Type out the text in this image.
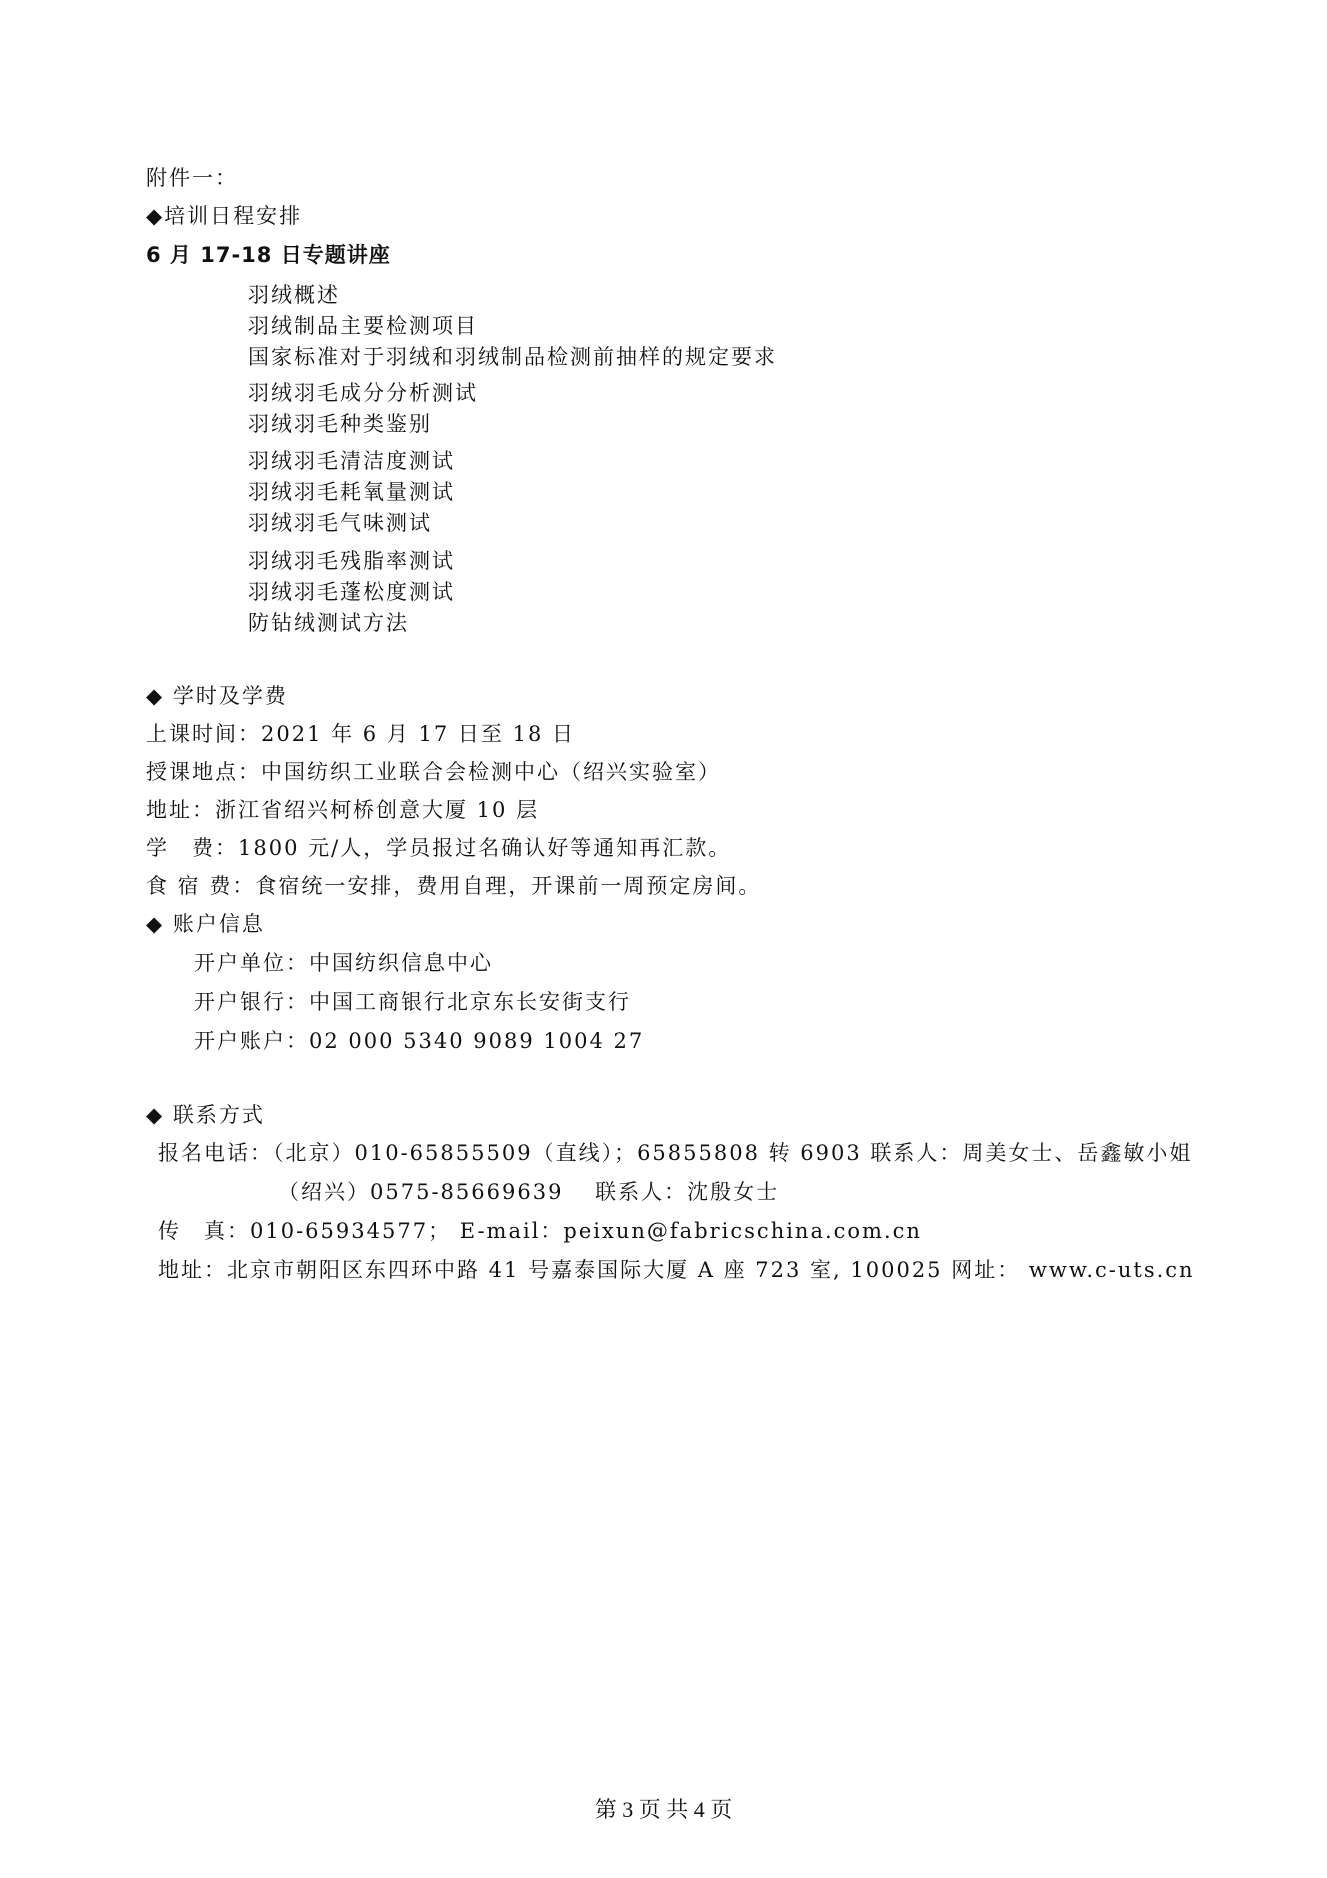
附件一：
◆培训日程安排
6 月 17-18 日专题讲座
羽绒概述
羽绒制品主要检测项目
国家标准对于羽绒和羽绒制品检测前抽样的规定要求
羽绒羽毛成分分析测试
羽绒羽毛种类鉴别
羽绒羽毛清洁度测试
羽绒羽毛耗氧量测试
羽绒羽毛气味测试
羽绒羽毛残脂率测试
羽绒羽毛蓬松度测试
防钻绒测试方法
◆ 学时及学费
上课时间：2021 年 6 月 17 日至 18 日
授课地点：中国纺织工业联合会检测中心（绍兴实验室）
地址：浙江省绍兴柯桥创意大厦 10 层
学　费：1800 元/人，学员报过名确认好等通知再汇款。
食 宿 费：食宿统一安排，费用自理，开课前一周预定房间。
◆ 账户信息
开户单位：中国纺织信息中心
开户银行：中国工商银行北京东长安街支行
开户账户：02 000 5340 9089 1004 27
◆ 联系方式
报名电话：（北京）010-65855509（直线）；65855808 转 6903 联系人：周美女士、岳鑫敏小姐
（绍兴）0575-85669639　 联系人：沈殷女士
传　真：010-65934577； E-mail：peixun@fabricschina.com.cn
地址：北京市朝阳区东四环中路 41 号嘉泰国际大厦 A 座 723 室, 100025 网址： www.c-uts.cn
第 3 页 共 4 页
